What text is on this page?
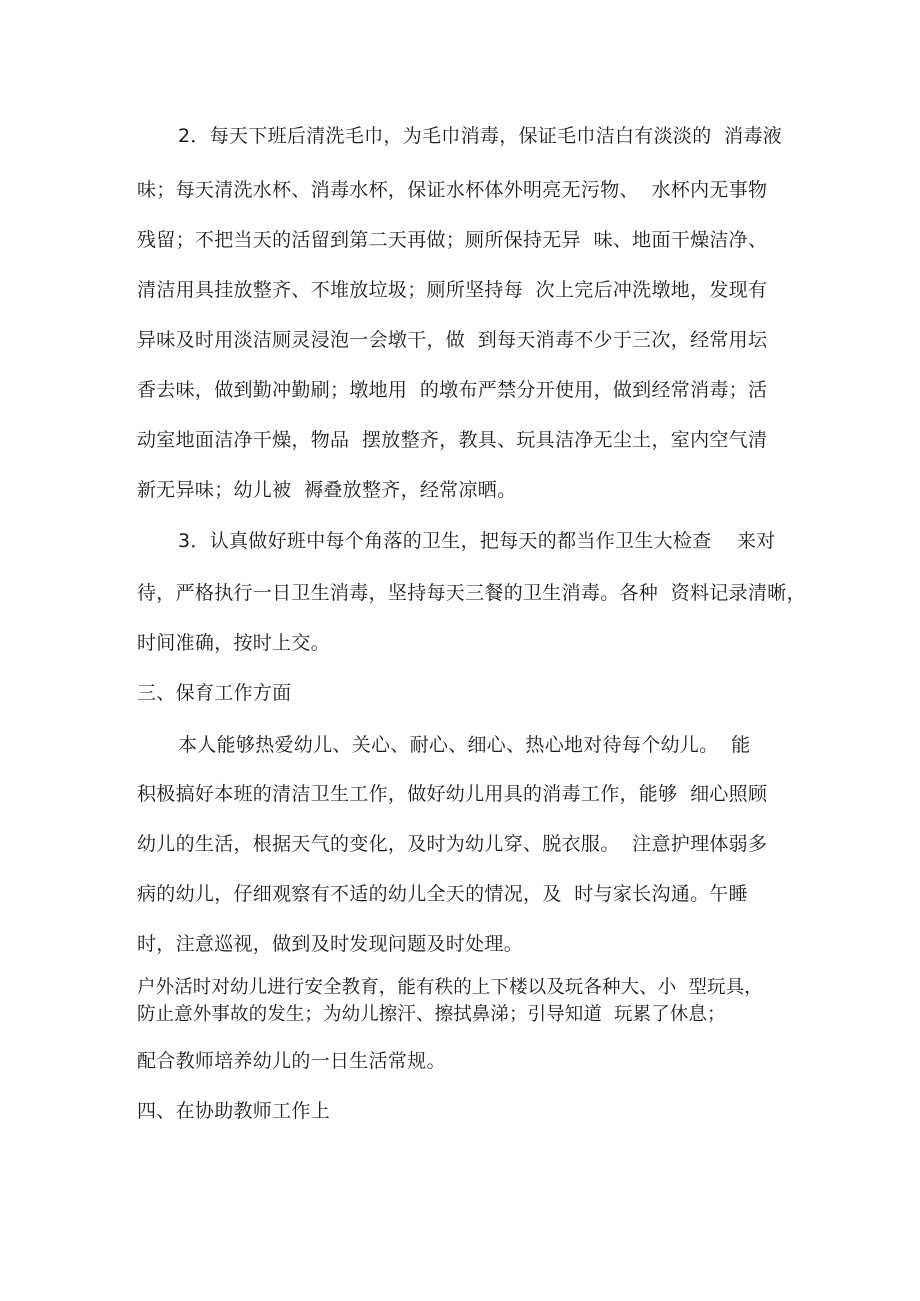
2．每天下班后清洗毛巾，为毛巾消毒，保证毛巾洁白有淡淡的  消毒液
味；每天清洗水杯、消毒水杯，保证水杯体外明亮无污物、  水杯内无事物
残留；不把当天的活留到第二天再做；厕所保持无异  味、地面干燥洁净、
清洁用具挂放整齐、不堆放垃圾；厕所坚持每  次上完后冲洗墩地，发现有
异味及时用淡洁厕灵浸泡一会墩干，做  到每天消毒不少于三次，经常用坛
香去味，做到勤冲勤刷；墩地用  的墩布严禁分开使用，做到经常消毒；活
动室地面洁净干燥，物品  摆放整齐，教具、玩具洁净无尘土，室内空气清
新无异味；幼儿被  褥叠放整齐，经常凉晒。
3．认真做好班中每个角落的卫生，把每天的都当作卫生大检查    来对
待，严格执行一日卫生消毒，坚持每天三餐的卫生消毒。各种  资料记录清晰，
时间准确，按时上交。
三、保育工作方面
本人能够热爱幼儿、关心、耐心、细心、热心地对待每个幼儿。  能
积极搞好本班的清洁卫生工作，做好幼儿用具的消毒工作，能够  细心照顾
幼儿的生活，根据天气的变化，及时为幼儿穿、脱衣服。  注意护理体弱多
病的幼儿，仔细观察有不适的幼儿全天的情况，及  时与家长沟通。午睡
时，注意巡视，做到及时发现问题及时处理。
户外活时对幼儿进行安全教育，能有秩的上下楼以及玩各种大、小  型玩具，
防止意外事故的发生；为幼儿擦汗、擦拭鼻涕；引导知道  玩累了休息；
配合教师培养幼儿的一日生活常规。
四、在协助教师工作上
